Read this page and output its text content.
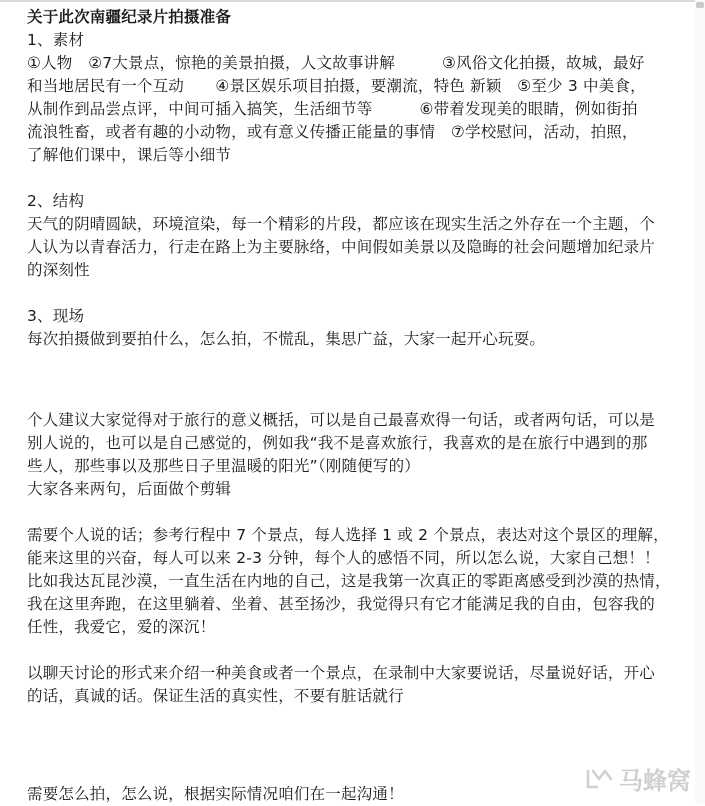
关于此次南疆纪录片拍摄准备

1、素材

①人物　②7大景点，惊艳的美景拍摄，人文故事讲解　　　③风俗文化拍摄，故城，最好

和当地居民有一个互动　　④景区娱乐项目拍摄，要潮流，特色 新颖　⑤至少 3 中美食，

从制作到品尝点评，中间可插入搞笑，生活细节等　　　⑥带着发现美的眼睛，例如街拍

流浪牲畜，或者有趣的小动物，或有意义传播正能量的事情　⑦学校慰问，活动，拍照，

了解他们课中，课后等小细节

2、结构

天气的阴晴圆缺，环境渲染，每一个精彩的片段，都应该在现实生活之外存在一个主题，个

人认为以青春活力，行走在路上为主要脉络，中间假如美景以及隐晦的社会问题增加纪录片

的深刻性

3、现场

每次拍摄做到要拍什么，怎么拍，不慌乱，集思广益，大家一起开心玩耍。

个人建议大家觉得对于旅行的意义概括，可以是自己最喜欢得一句话，或者两句话，可以是

别人说的，也可以是自己感觉的，例如我“我不是喜欢旅行，我喜欢的是在旅行中遇到的那

些人，那些事以及那些日子里温暖的阳光”（刚随便写的）

大家各来两句，后面做个剪辑

需要个人说的话；参考行程中 7 个景点，每人选择 1 或 2 个景点，表达对这个景区的理解，

能来这里的兴奋，每人可以来 2-3 分钟，每个人的感悟不同，所以怎么说，大家自己想！！

比如我达瓦昆沙漠，一直生活在内地的自己，这是我第一次真正的零距离感受到沙漠的热情，

我在这里奔跑，在这里躺着、坐着、甚至扬沙，我觉得只有它才能满足我的自由，包容我的

任性，我爱它，爱的深沉！

以聊天讨论的形式来介绍一种美食或者一个景点，在录制中大家要说话，尽量说好话，开心

的话，真诚的话。保证生活的真实性，不要有脏话就行

需要怎么拍，怎么说，根据实际情况咱们在一起沟通！	马蜂窝
